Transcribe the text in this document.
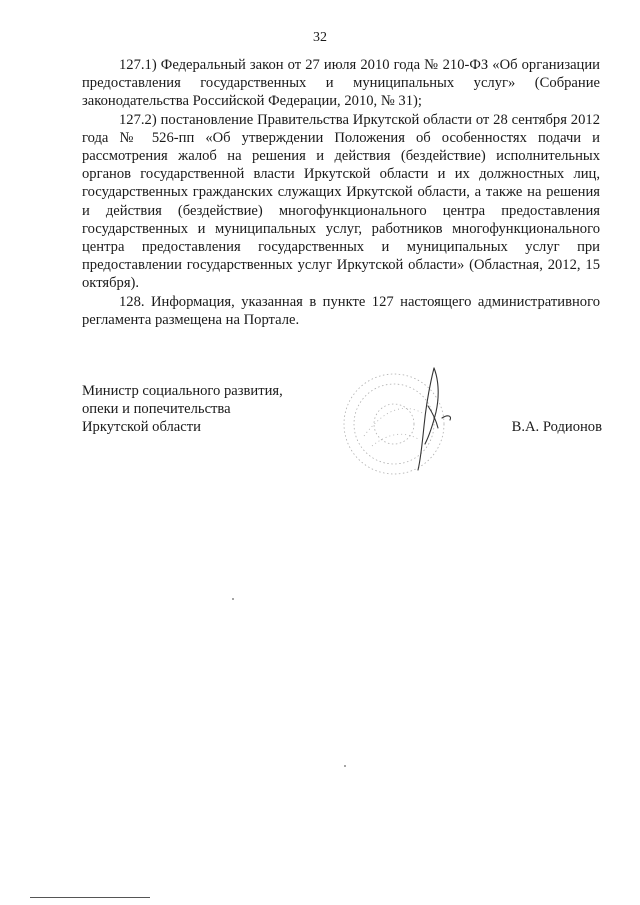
32

127.1) Федеральный закон от 27 июля 2010 года № 210-ФЗ «Об организации предоставления государственных и муниципальных услуг» (Собрание законодательства Российской Федерации, 2010, № 31);

127.2) постановление Правительства Иркутской области от 28 сентября 2012 года № 526-пп «Об утверждении Положения об особенностях подачи и рассмотрения жалоб на решения и действия (бездействие) исполнительных органов государственной власти Иркутской области и их должностных лиц, государственных гражданских служащих Иркутской области, а также на решения и действия (бездействие) многофункционального центра предоставления государственных и муниципальных услуг, работников многофункционального центра предоставления государственных и муниципальных услуг при предоставлении государственных услуг Иркутской области» (Областная, 2012, 15 октября).

128. Информация, указанная в пункте 127 настоящего административного регламента размещена на Портале.

Министр социального развития,
опеки и попечительства
Иркутской области	В.А. Родионов
